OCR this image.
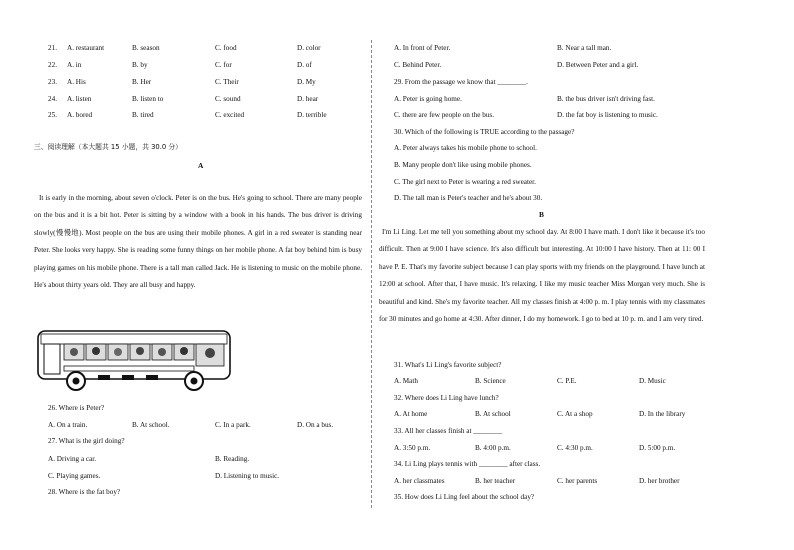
21. A. restaurant	B. season	C. food	D. color
22. A. in	B. by	C. for	D. of
23. A. His	B. Her	C. Their	D. My
24. A. listen	B. listen to	C. sound	D. hear
25. A. bored	B. tired	C. excited	D. terrible
三、阅读理解（本大题共 15 小题，共 30.0 分）
A
It is early in the morning, about seven o'clock. Peter is on the bus. He's going to school. There are many people on the bus and it is a bit hot. Peter is sitting by a window with a book in his hands. The bus driver is driving slowly(慢慢地). Most people on the bus are using their mobile phones. A girl in a red sweater is standing near Peter. She looks very happy. She is reading some funny things on her mobile phone. A fat boy behind him is busy playing games on his mobile phone. There is a tall man called Jack. He is listening to music on the mobile phone. He's about thirty years old. They are all busy and happy.
26. Where is Peter?
A. On a train.	B. At school.	C. In a park.	D. On a bus.
27. What is the girl doing?
A. Driving a car.	B. Reading.
C. Playing games.	D. Listening to music.
28. Where is the fat boy?
A. In front of Peter.	B. Near a tall man.
C. Behind Peter.	D. Between Peter and a girl.
29. From the passage we know that ________.
A. Peter is going home.	B. the bus driver isn't driving fast.
C. there are few people on the bus.	D. the fat boy is listening to music.
30. Which of the following is TRUE according to the passage?
A. Peter always takes his mobile phone to school.
B. Many people don't like using mobile phones.
C. The girl next to Peter is wearing a red sweater.
D. The tall man is Peter's teacher and he's about 30.
B
I'm Li Ling. Let me tell you something about my school day. At 8:00 I have math. I don't like it because it's too difficult. Then at 9:00 I have science. It's also difficult but interesting. At 10:00 I have history. Then at 11: 00 I have P. E. That's my favorite subject because I can play sports with my friends on the playground. I have lunch at 12:00 at school. After that, I have music. It's relaxing. I like my music teacher Miss Morgan very much. She is beautiful and kind. She's my favorite teacher. All my classes finish at 4:00 p. m. I play tennis with my classmates for 30 minutes and go home at 4:30. After dinner, I do my homework. I go to bed at 10 p. m. and I am very tired.
31. What's Li Ling's favorite subject?
A. Math	B. Science	C. P.E.	D. Music
32. Where does Li Ling have lunch?
A. At home	B. At school	C. At a shop	D. In the library
33. All her classes finish at ________
A. 3:50 p.m.	B. 4:00 p.m.	C. 4:30 p.m.	D. 5:00 p.m.
34. Li Ling plays tennis with ________ after class.
A. her classmates	B. her teacher	C. her parents	D. her brother
35. How does Li Ling feel about the school day?
